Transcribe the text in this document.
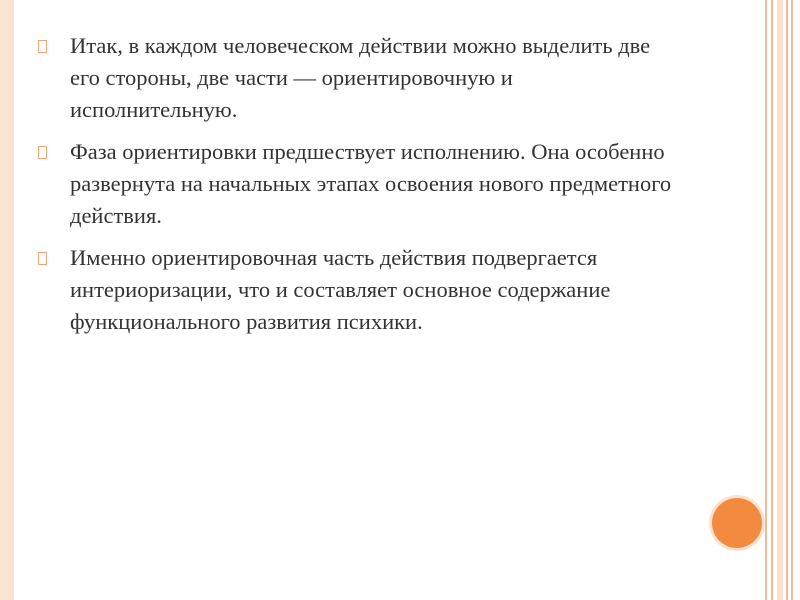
Итак, в каждом человеческом действии можно выделить две его стороны, две части — ориентировочную и исполнительную.
Фаза ориентировки предшествует исполнению. Она особенно развернута на начальных этапах освоения нового предметного действия.
Именно ориентировочная часть действия подвергается интериоризации, что и составляет основное содержание функционального развития психики.
